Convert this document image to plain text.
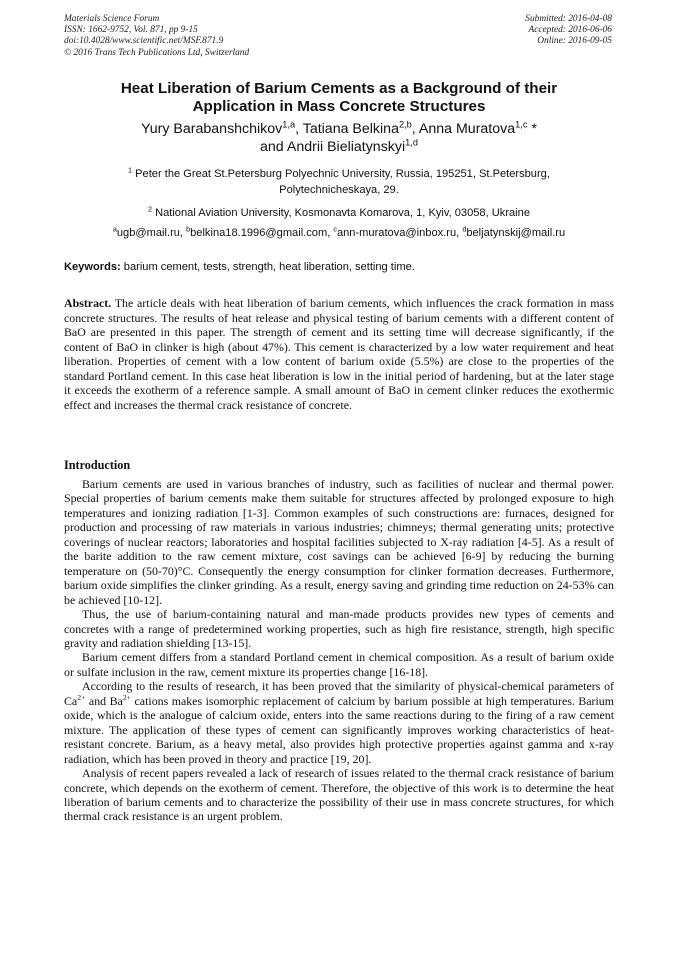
Materials Science Forum
ISSN: 1662-9752, Vol. 871, pp 9-15
doi:10.4028/www.scientific.net/MSF.871.9
© 2016 Trans Tech Publications Ltd, Switzerland
Submitted: 2016-04-08
Accepted: 2016-06-06
Online: 2016-09-05
Heat Liberation of Barium Cements as a Background of their
Application in Mass Concrete Structures
Yury Barabanshchikov$^{1,a}$, Tatiana Belkina$^{2,b}$, Anna Muratova$^{1,c}$ *
and Andrii Bieliatynskyi$^{1,d}$
$^1$ Peter the Great St.Petersburg Polyechnic University, Russia, 195251, St.Petersburg,
Polytechnicheskaya, 29.
$^2$ National Aviation University, Kosmonavta Komarova, 1, Kyiv, 03058, Ukraine
$^a$ugb@mail.ru, $^b$belkina18.1996@gmail.com, $^c$ann-muratova@inbox.ru, $^d$beljatynskij@mail.ru
Keywords: barium cement, tests, strength, heat liberation, setting time.

Abstract. The article deals with heat liberation of barium cements, which influences the crack formation in mass concrete structures. The results of heat release and physical testing of barium cements with a different content of BaO are presented in this paper. The strength of cement and its setting time will decrease significantly, if the content of BaO in clinker is high (about 47%). This cement is characterized by a low water requirement and heat liberation. Properties of cement with a low content of barium oxide (5.5%) are close to the properties of the standard Portland cement. In this case heat liberation is low in the initial period of hardening, but at the later stage it exceeds the exotherm of a reference sample. A small amount of BaO in cement clinker reduces the exothermic effect and increases the thermal crack resistance of concrete.

Introduction

Barium cements are used in various branches of industry, such as facilities of nuclear and thermal power. Special properties of barium cements make them suitable for structures affected by prolonged exposure to high temperatures and ionizing radiation [1-3]. Common examples of such constructions are: furnaces, designed for production and processing of raw materials in various industries; chimneys; thermal generating units; protective coverings of nuclear reactors; laboratories and hospital facilities subjected to X-ray radiation [4-5]. As a result of the barite addition to the raw cement mixture, cost savings can be achieved [6-9] by reducing the burning temperature on (50-70)°C. Consequently the energy consumption for clinker formation decreases. Furthermore, barium oxide simplifies the clinker grinding. As a result, energy saving and grinding time reduction on 24-53% can be achieved [10-12].

Thus, the use of barium-containing natural and man-made products provides new types of cements and concretes with a range of predetermined working properties, such as high fire resistance, strength, high specific gravity and radiation shielding [13-15].

Barium cement differs from a standard Portland cement in chemical composition. As a result of barium oxide or sulfate inclusion in the raw, cement mixture its properties change [16-18].

According to the results of research, it has been proved that the similarity of physical-chemical parameters of $Ca^{2+}$ and $Ba^{2+}$ cations makes isomorphic replacement of calcium by barium possible at high temperatures. Barium oxide, which is the analogue of calcium oxide, enters into the same reactions during to the firing of a raw cement mixture. The application of these types of cement can significantly improves working characteristics of heat-resistant concrete. Barium, as a heavy metal, also provides high protective properties against gamma and x-ray radiation, which has been proved in theory and practice [19, 20].

Analysis of recent papers revealed a lack of research of issues related to the thermal crack resistance of barium concrete, which depends on the exotherm of cement. Therefore, the objective of this work is to determine the heat liberation of barium cements and to characterize the possibility of their use in mass concrete structures, for which thermal crack resistance is an urgent problem.
